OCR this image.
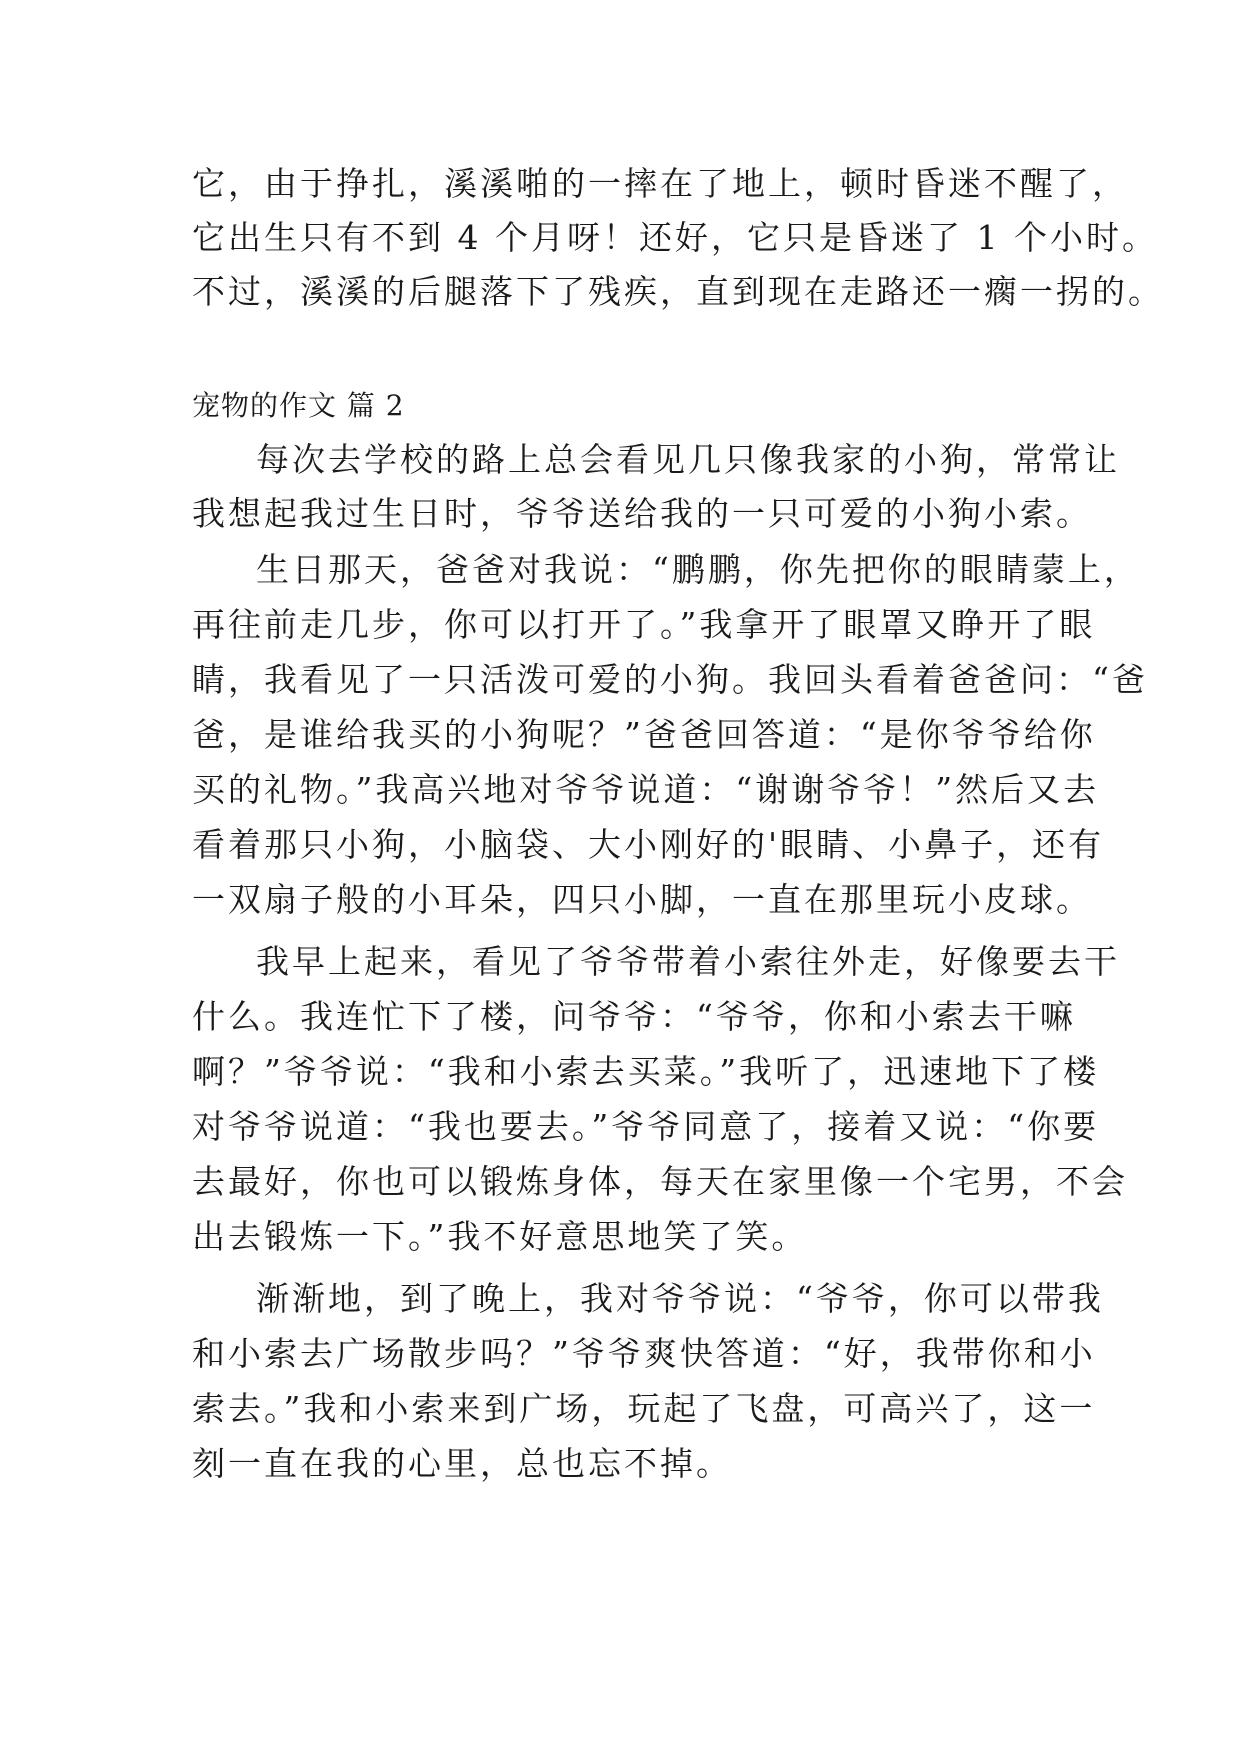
它，由于挣扎，溪溪啪的一摔在了地上，顿时昏迷不醒了，
它出生只有不到 4 个月呀！还好，它只是昏迷了 1 个小时。
不过，溪溪的后腿落下了残疾，直到现在走路还一瘸一拐的。
宠物的作文 篇 2
每次去学校的路上总会看见几只像我家的小狗，常常让
我想起我过生日时，爷爷送给我的一只可爱的小狗小索。
生日那天，爸爸对我说：“鹏鹏，你先把你的眼睛蒙上，
再往前走几步，你可以打开了。”我拿开了眼罩又睁开了眼
睛，我看见了一只活泼可爱的小狗。我回头看着爸爸问：“爸
爸，是谁给我买的小狗呢？”爸爸回答道：“是你爷爷给你
买的礼物。”我高兴地对爷爷说道：“谢谢爷爷！”然后又去
看着那只小狗，小脑袋、大小刚好的'眼睛、小鼻子，还有
一双扇子般的小耳朵，四只小脚，一直在那里玩小皮球。
我早上起来，看见了爷爷带着小索往外走，好像要去干
什么。我连忙下了楼，问爷爷：“爷爷，你和小索去干嘛
啊？”爷爷说：“我和小索去买菜。”我听了，迅速地下了楼
对爷爷说道：“我也要去。”爷爷同意了，接着又说：“你要
去最好，你也可以锻炼身体，每天在家里像一个宅男，不会
出去锻炼一下。”我不好意思地笑了笑。
渐渐地，到了晚上，我对爷爷说：“爷爷，你可以带我
和小索去广场散步吗？”爷爷爽快答道：“好，我带你和小
索去。”我和小索来到广场，玩起了飞盘，可高兴了，这一
刻一直在我的心里，总也忘不掉。
